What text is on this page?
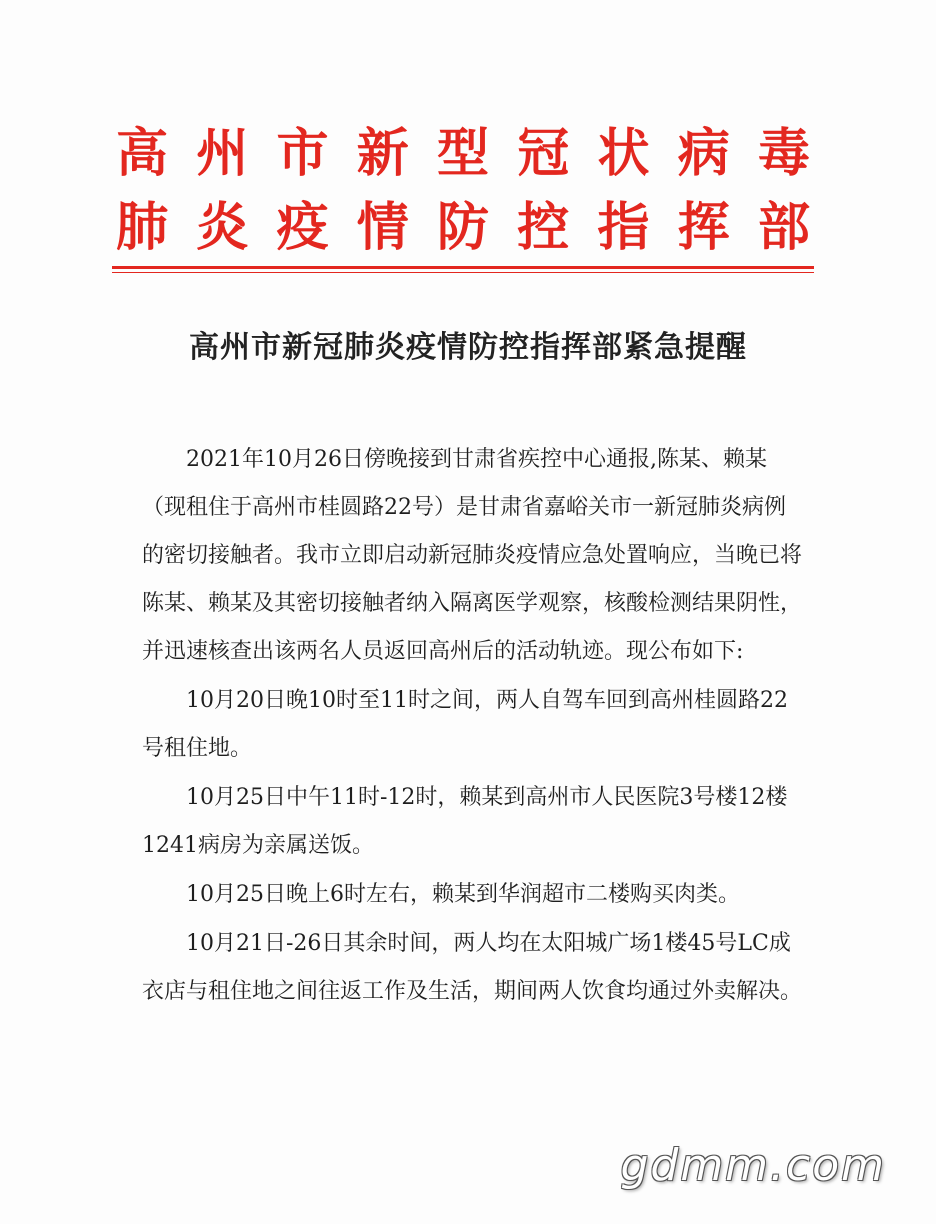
高 州 市 新 型 冠 状 病 毒
肺 炎 疫 情 防 控 指 挥 部
高州市新冠肺炎疫情防控指挥部紧急提醒

2021年10月26日傍晚接到甘肃省疾控中心通报,陈某、赖某（现租住于高州市桂圆路22号）是甘肃省嘉峪关市一新冠肺炎病例的密切接触者。我市立即启动新冠肺炎疫情应急处置响应，当晚已将陈某、赖某及其密切接触者纳入隔离医学观察，核酸检测结果阴性，并迅速核查出该两名人员返回高州后的活动轨迹。现公布如下:

10月20日晚10时至11时之间，两人自驾车回到高州桂圆路22号租住地。

10月25日中午11时-12时，赖某到高州市人民医院3号楼12楼1241病房为亲属送饭。

10月25日晚上6时左右，赖某到华润超市二楼购买肉类。

10月21日-26日其余时间，两人均在太阳城广场1楼45号LC成衣店与租住地之间往返工作及生活，期间两人饮食均通过外卖解决。

gdmm.com
